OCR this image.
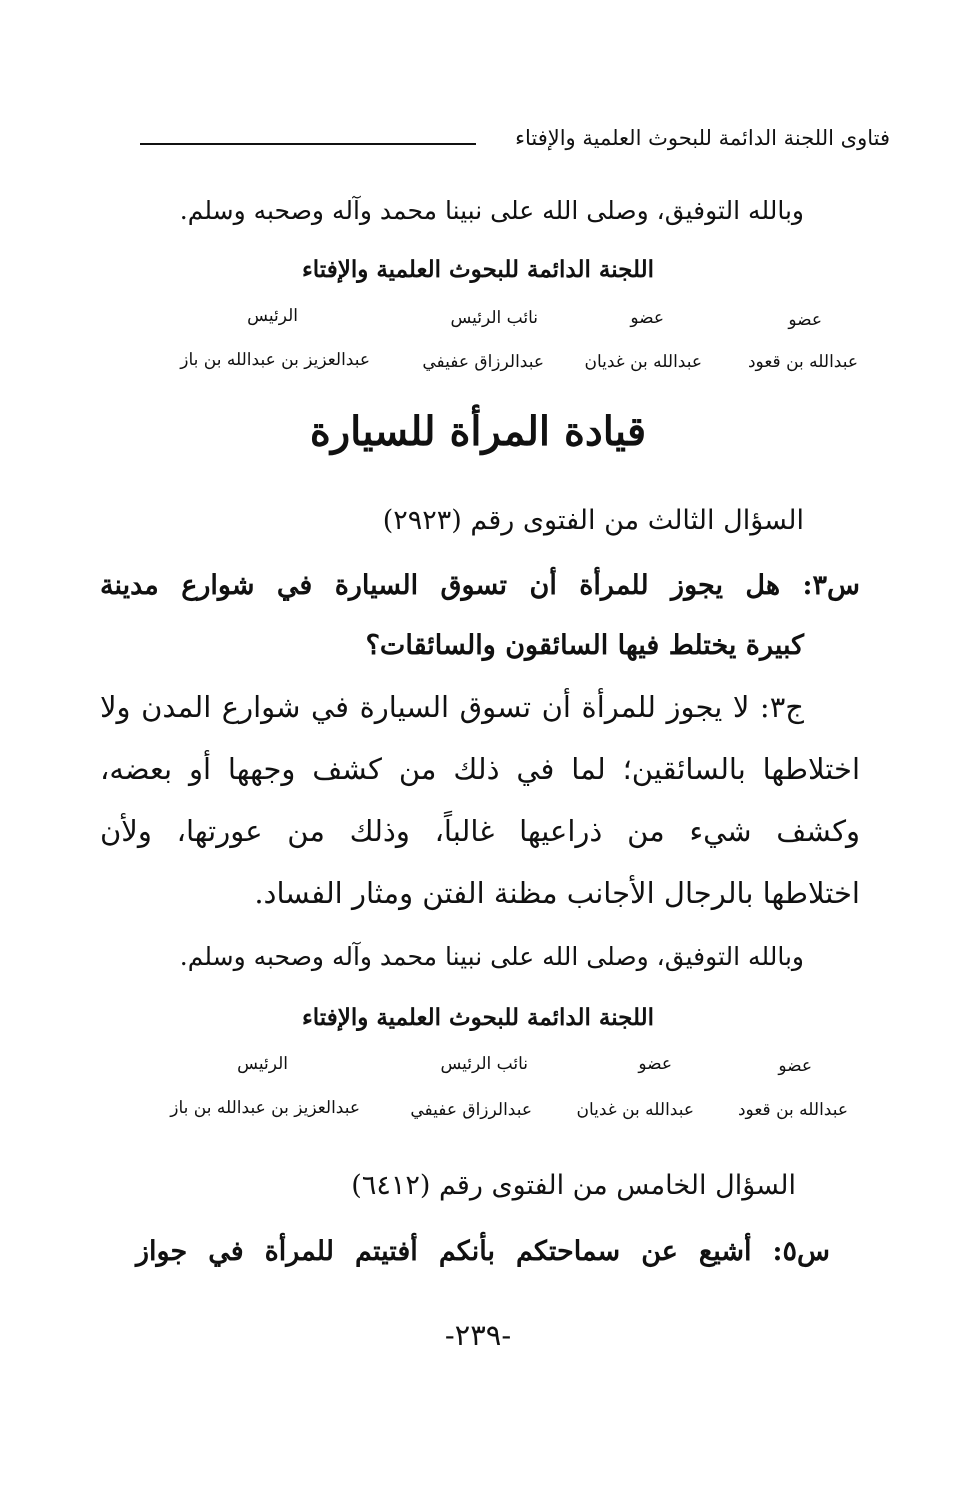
فتاوى اللجنة الدائمة للبحوث العلمية والإفتاء
وبالله التوفيق، وصلى الله على نبينا محمد وآله وصحبه وسلم.
اللجنة الدائمة للبحوث العلمية والإفتاء
عضو
عضو
نائب الرئيس
الرئيس
عبدالله بن قعود
عبدالله بن غديان
عبدالرزاق عفيفي
عبدالعزيز بن عبدالله بن باز
قيادة المرأة للسيارة
السؤال الثالث من الفتوى رقم (٢٩٢٣)
س٣: هل يجوز للمرأة أن تسوق السيارة في شوارع مدينة
كبيرة يختلط فيها السائقون والسائقات؟
ج٣: لا يجوز للمرأة أن تسوق السيارة في شوارع المدن ولا
اختلاطها بالسائقين؛ لما في ذلك من كشف وجهها أو بعضه،
وكشف شيء من ذراعيها غالباً، وذلك من عورتها، ولأن
اختلاطها بالرجال الأجانب مظنة الفتن ومثار الفساد.
وبالله التوفيق، وصلى الله على نبينا محمد وآله وصحبه وسلم.
اللجنة الدائمة للبحوث العلمية والإفتاء
عضو
عضو
نائب الرئيس
الرئيس
عبدالله بن قعود
عبدالله بن غديان
عبدالرزاق عفيفي
عبدالعزيز بن عبدالله بن باز
السؤال الخامس من الفتوى رقم (٦٤١٢)
س٥: أشيع عن سماحتكم بأنكم أفتيتم للمرأة في جواز
-٢٣٩-
